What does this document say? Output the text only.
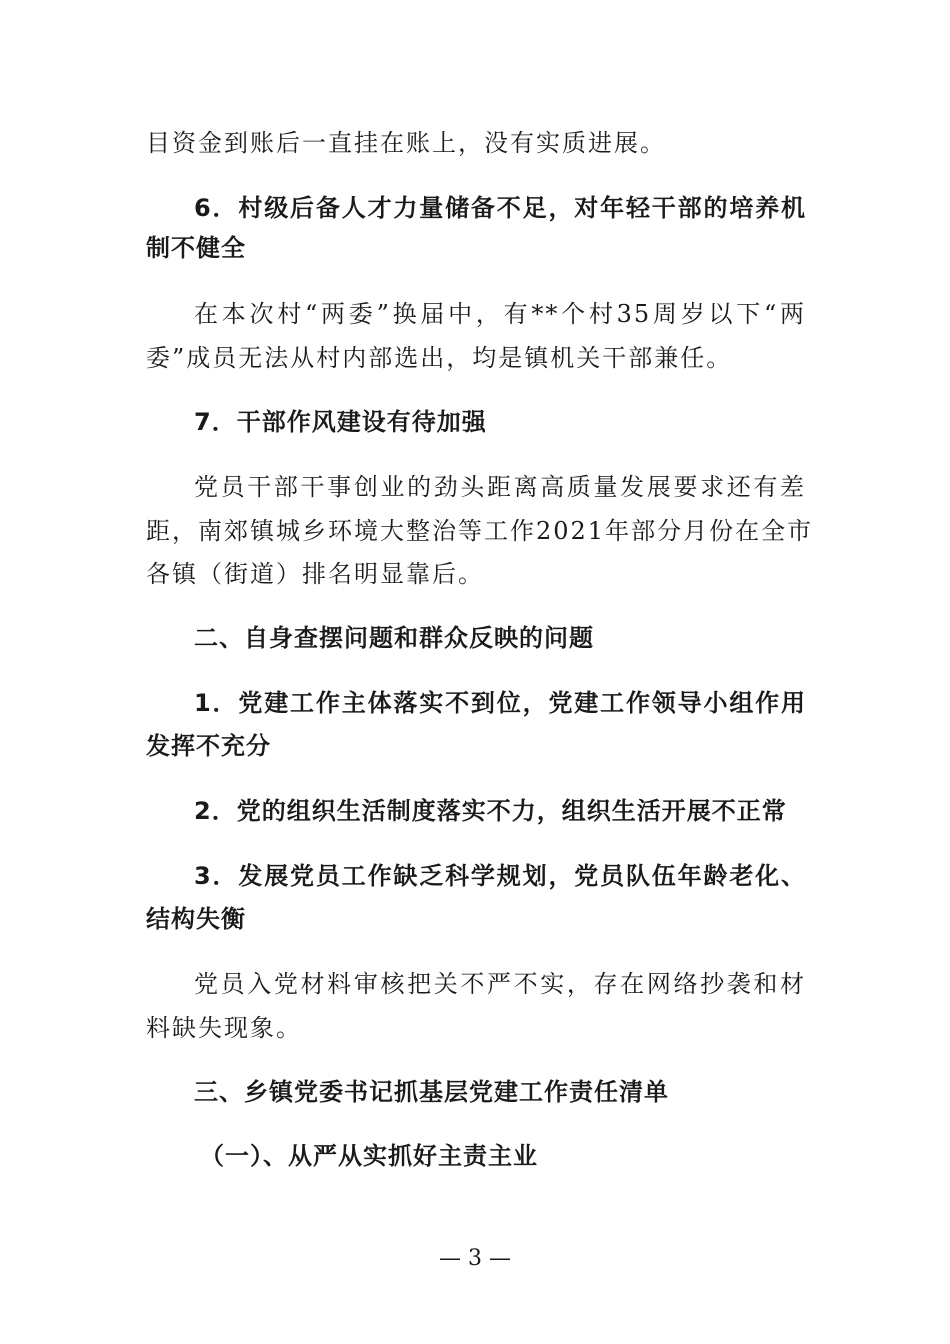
目资金到账后一直挂在账上，没有实质进展。
6．村级后备人才力量储备不足，对年轻干部的培养机
制不健全
在本次村“两委”换届中，有**个村35周岁以下“两
委”成员无法从村内部选出，均是镇机关干部兼任。
7．干部作风建设有待加强
党员干部干事创业的劲头距离高质量发展要求还有差
距，南郊镇城乡环境大整治等工作2021年部分月份在全市
各镇（街道）排名明显靠后。
二、自身查摆问题和群众反映的问题
1．党建工作主体落实不到位，党建工作领导小组作用
发挥不充分
2．党的组织生活制度落实不力，组织生活开展不正常
3．发展党员工作缺乏科学规划，党员队伍年龄老化、
结构失衡
党员入党材料审核把关不严不实，存在网络抄袭和材
料缺失现象。
三、乡镇党委书记抓基层党建工作责任清单
（一）、从严从实抓好主责主业
— 3 —
